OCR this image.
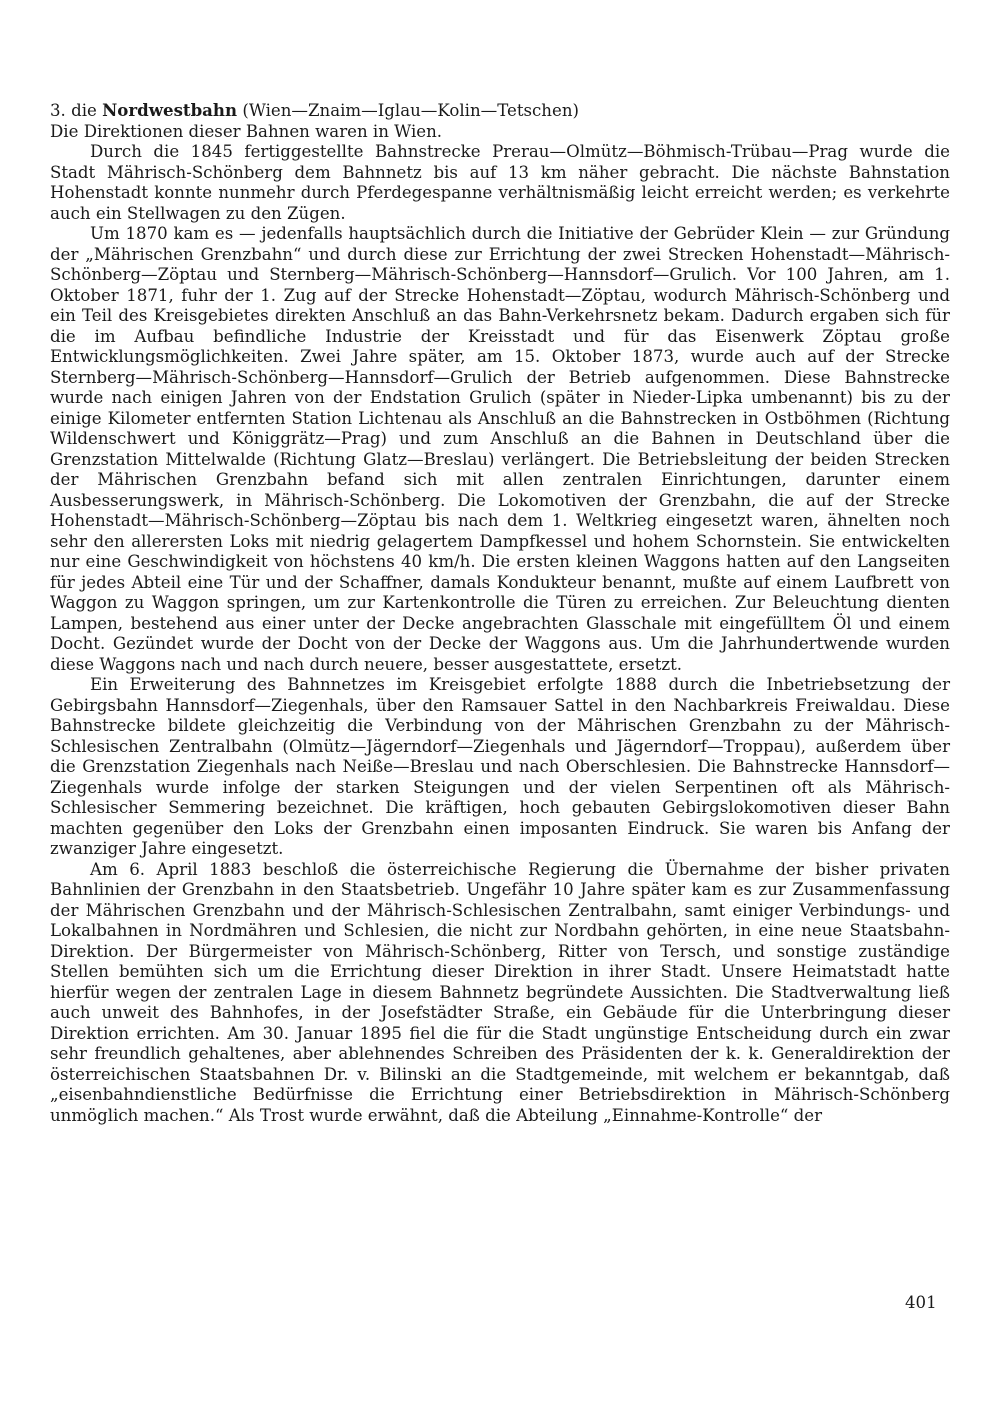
3. die Nordwestbahn (Wien—Znaim—Iglau—Kolin—Tetschen)

Die Direktionen dieser Bahnen waren in Wien.

Durch die 1845 fertiggestellte Bahnstrecke Prerau—Olmütz—Böhmisch-Trübau—Prag wurde die Stadt Mährisch-Schönberg dem Bahnnetz bis auf 13 km näher gebracht. Die nächste Bahnstation Hohenstadt konnte nunmehr durch Pferdegespanne verhältnismäßig leicht erreicht werden; es verkehrte auch ein Stellwagen zu den Zügen.

Um 1870 kam es — jedenfalls hauptsächlich durch die Initiative der Gebrüder Klein — zur Gründung der „Mährischen Grenzbahn“ und durch diese zur Errichtung der zwei Strecken Hohenstadt—Mährisch-Schönberg—Zöptau und Sternberg—Mährisch-Schönberg—Hannsdorf—Grulich. Vor 100 Jahren, am 1. Oktober 1871, fuhr der 1. Zug auf der Strecke Hohenstadt—Zöptau, wodurch Mährisch-Schönberg und ein Teil des Kreisgebietes direkten Anschluß an das Bahn-Verkehrsnetz bekam. Dadurch ergaben sich für die im Aufbau befindliche Industrie der Kreisstadt und für das Eisenwerk Zöptau große Entwicklungsmöglichkeiten. Zwei Jahre später, am 15. Oktober 1873, wurde auch auf der Strecke Sternberg—Mährisch-Schönberg—Hannsdorf—Grulich der Betrieb aufgenommen. Diese Bahnstrecke wurde nach einigen Jahren von der Endstation Grulich (später in Nieder-Lipka umbenannt) bis zu der einige Kilometer entfernten Station Lichtenau als Anschluß an die Bahnstrecken in Ostböhmen (Richtung Wildenschwert und Königgrätz—Prag) und zum Anschluß an die Bahnen in Deutschland über die Grenzstation Mittelwalde (Richtung Glatz—Breslau) verlängert. Die Betriebsleitung der beiden Strecken der Mährischen Grenzbahn befand sich mit allen zentralen Einrichtungen, darunter einem Ausbesserungswerk, in Mährisch-Schönberg. Die Lokomotiven der Grenzbahn, die auf der Strecke Hohenstadt—Mährisch-Schönberg—Zöptau bis nach dem 1. Weltkrieg eingesetzt waren, ähnelten noch sehr den allerersten Loks mit niedrig gelagertem Dampfkessel und hohem Schornstein. Sie entwickelten nur eine Geschwindigkeit von höchstens 40 km/h. Die ersten kleinen Waggons hatten auf den Langseiten für jedes Abteil eine Tür und der Schaffner, damals Kondukteur benannt, mußte auf einem Laufbrett von Waggon zu Waggon springen, um zur Kartenkontrolle die Türen zu erreichen. Zur Beleuchtung dienten Lampen, bestehend aus einer unter der Decke angebrachten Glasschale mit eingefülltem Öl und einem Docht. Gezündet wurde der Docht von der Decke der Waggons aus. Um die Jahrhundertwende wurden diese Waggons nach und nach durch neuere, besser ausgestattete, ersetzt.

Ein Erweiterung des Bahnnetzes im Kreisgebiet erfolgte 1888 durch die Inbetriebsetzung der Gebirgsbahn Hannsdorf—Ziegenhals, über den Ramsauer Sattel in den Nachbarkreis Freiwaldau. Diese Bahnstrecke bildete gleichzeitig die Verbindung von der Mährischen Grenzbahn zu der Mährisch-Schlesischen Zentralbahn (Olmütz—Jägerndorf—Ziegenhals und Jägerndorf—Troppau), außerdem über die Grenzstation Ziegenhals nach Neiße—Breslau und nach Oberschlesien. Die Bahnstrecke Hannsdorf—Ziegenhals wurde infolge der starken Steigungen und der vielen Serpentinen oft als Mährisch-Schlesischer Semmering bezeichnet. Die kräftigen, hoch gebauten Gebirgslokomotiven dieser Bahn machten gegenüber den Loks der Grenzbahn einen imposanten Eindruck. Sie waren bis Anfang der zwanziger Jahre eingesetzt.

Am 6. April 1883 beschloß die österreichische Regierung die Übernahme der bisher privaten Bahnlinien der Grenzbahn in den Staatsbetrieb. Ungefähr 10 Jahre später kam es zur Zusammenfassung der Mährischen Grenzbahn und der Mährisch-Schlesischen Zentralbahn, samt einiger Verbindungs- und Lokalbahnen in Nordmähren und Schlesien, die nicht zur Nordbahn gehörten, in eine neue Staatsbahn-Direktion. Der Bürgermeister von Mährisch-Schönberg, Ritter von Tersch, und sonstige zuständige Stellen bemühten sich um die Errichtung dieser Direktion in ihrer Stadt. Unsere Heimatstadt hatte hierfür wegen der zentralen Lage in diesem Bahnnetz begründete Aussichten. Die Stadtverwaltung ließ auch unweit des Bahnhofes, in der Josefstädter Straße, ein Gebäude für die Unterbringung dieser Direktion errichten. Am 30. Januar 1895 fiel die für die Stadt ungünstige Entscheidung durch ein zwar sehr freundlich gehaltenes, aber ablehnendes Schreiben des Präsidenten der k. k. Generaldirektion der österreichischen Staatsbahnen Dr. v. Bilinski an die Stadtgemeinde, mit welchem er bekanntgab, daß „eisenbahndienstliche Bedürfnisse die Errichtung einer Betriebsdirektion in Mährisch-Schönberg unmöglich machen.“ Als Trost wurde erwähnt, daß die Abteilung „Einnahme-Kontrolle“ der

401
